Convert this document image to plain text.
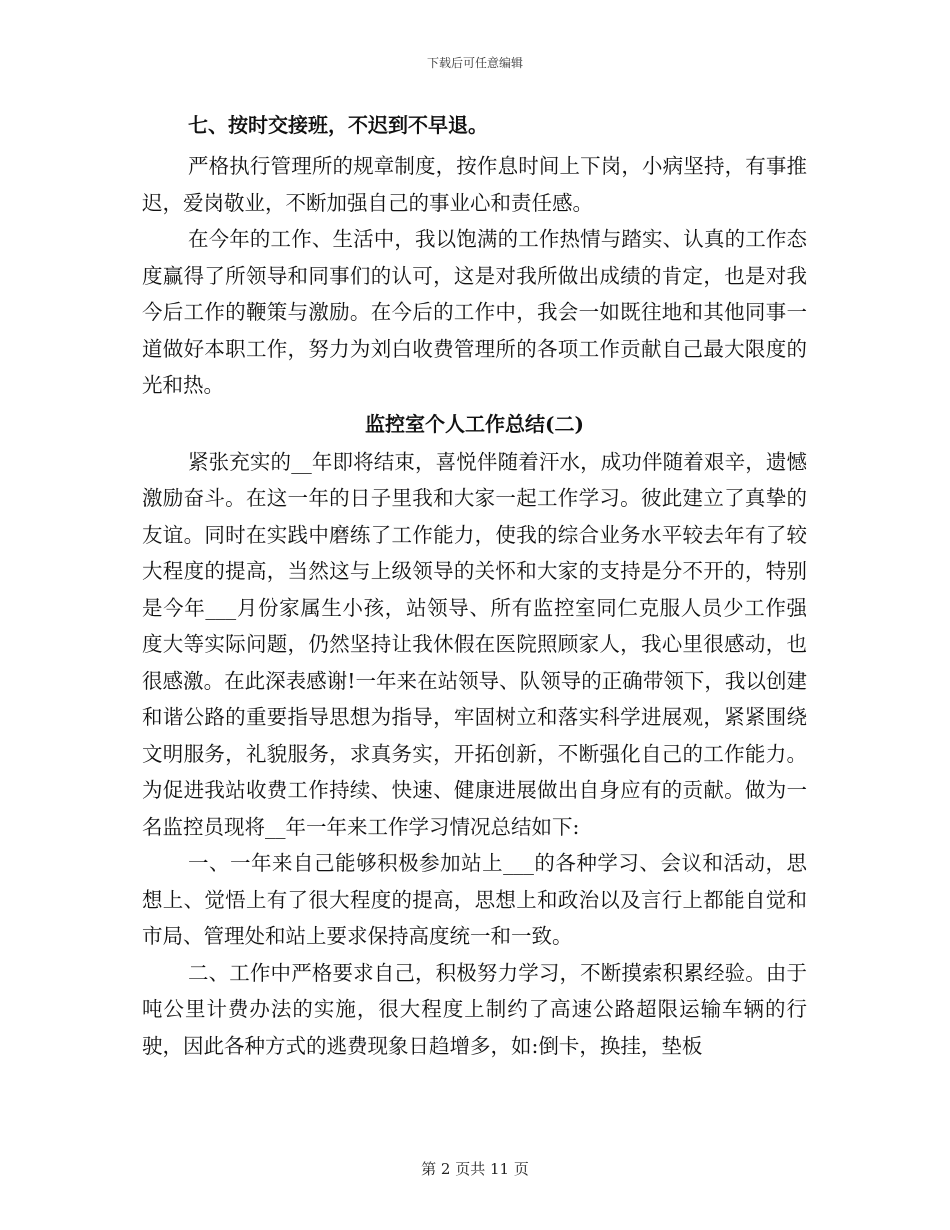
下载后可任意编辑

七、按时交接班，不迟到不早退。

严格执行管理所的规章制度，按作息时间上下岗，小病坚持，有事推迟，爱岗敬业，不断加强自己的事业心和责任感。

在今年的工作、生活中，我以饱满的工作热情与踏实、认真的工作态度赢得了所领导和同事们的认可，这是对我所做出成绩的肯定，也是对我今后工作的鞭策与激励。在今后的工作中，我会一如既往地和其他同事一道做好本职工作，努力为刘白收费管理所的各项工作贡献自己最大限度的光和热。

监控室个人工作总结(二)

紧张充实的__年即将结束，喜悦伴随着汗水，成功伴随着艰辛，遗憾激励奋斗。在这一年的日子里我和大家一起工作学习。彼此建立了真挚的友谊。同时在实践中磨练了工作能力，使我的综合业务水平较去年有了较大程度的提高，当然这与上级领导的关怀和大家的支持是分不开的，特别是今年___月份家属生小孩，站领导、所有监控室同仁克服人员少工作强度大等实际问题，仍然坚持让我休假在医院照顾家人，我心里很感动，也很感激。在此深表感谢!一年来在站领导、队领导的正确带领下，我以创建和谐公路的重要指导思想为指导，牢固树立和落实科学进展观，紧紧围绕文明服务，礼貌服务，求真务实，开拓创新，不断强化自己的工作能力。为促进我站收费工作持续、快速、健康进展做出自身应有的贡献。做为一名监控员现将__年一年来工作学习情况总结如下:

一、一年来自己能够积极参加站上___的各种学习、会议和活动，思想上、觉悟上有了很大程度的提高，思想上和政治以及言行上都能自觉和市局、管理处和站上要求保持高度统一和一致。

二、工作中严格要求自己，积极努力学习，不断摸索积累经验。由于吨公里计费办法的实施，很大程度上制约了高速公路超限运输车辆的行驶，因此各种方式的逃费现象日趋增多，如:倒卡，换挂，垫板

第 2 页共 11 页
